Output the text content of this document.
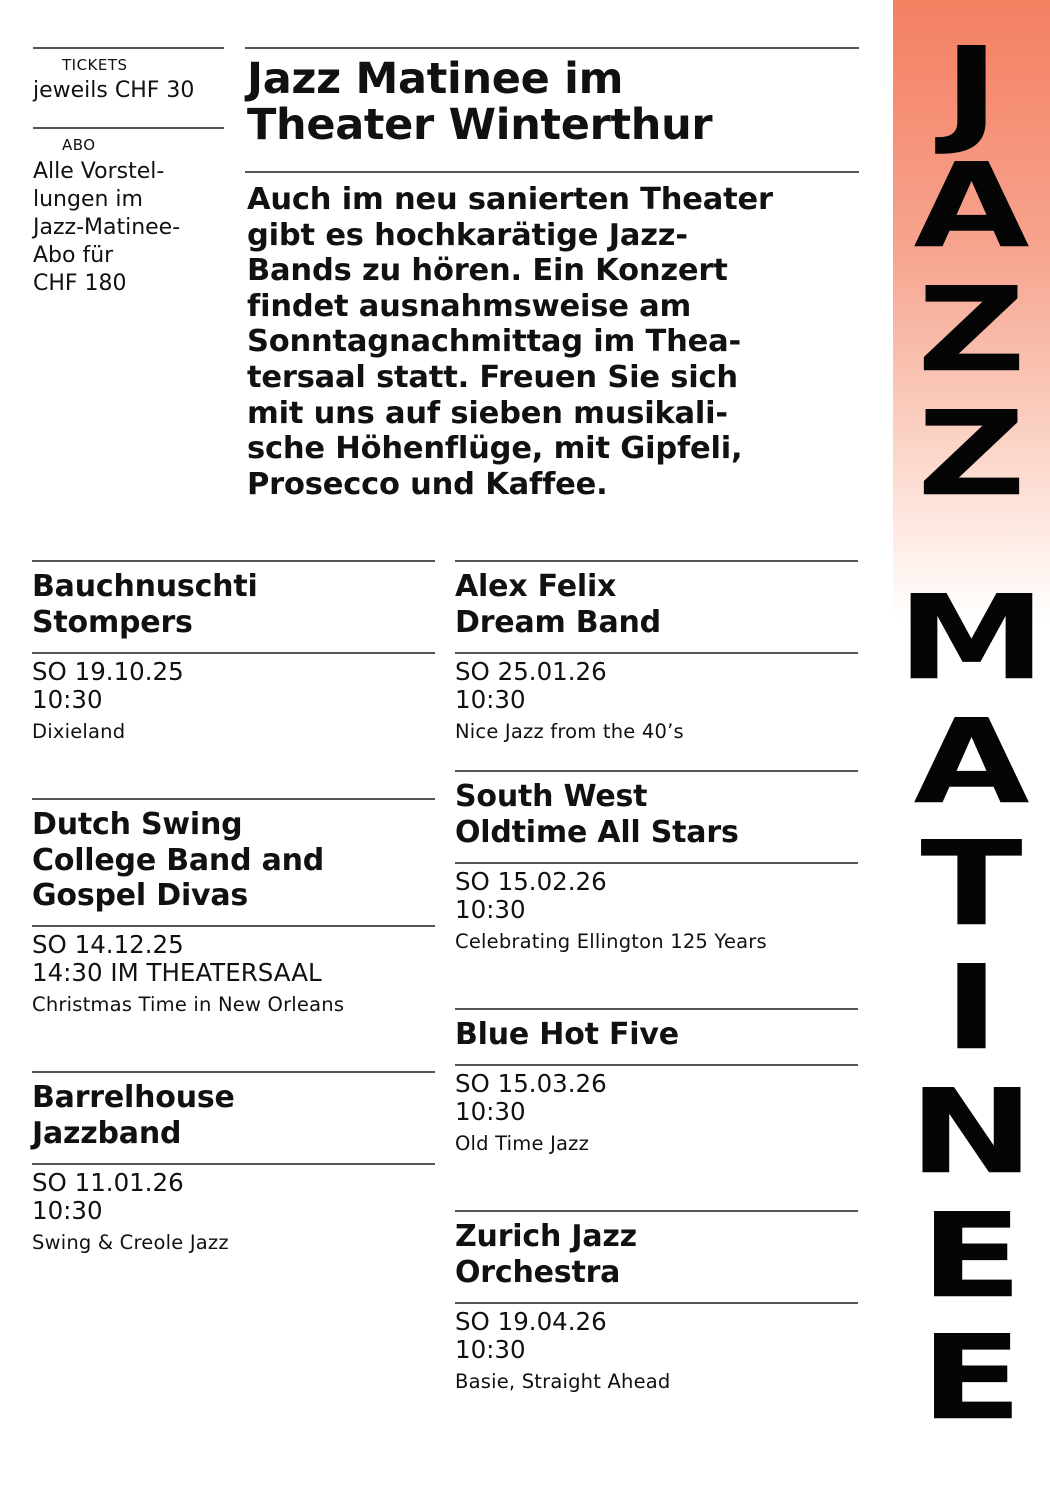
TICKETS
jeweils CHF 30
ABO
Alle Vorstel-
lungen im
Jazz-Matinee-
Abo für
CHF 180
Jazz Matinee im
Theater Winterthur
Auch im neu sanierten Theater
gibt es hochkarätige Jazz-
Bands zu hören. Ein Konzert
findet ausnahmsweise am
Sonntagnachmittag im Thea-
tersaal statt. Freuen Sie sich
mit uns auf sieben musikali-
sche Höhenflüge, mit Gipfeli,
Prosecco und Kaffee.
Bauchnuschti
Stompers
SO 19.10.25
10:30
Dixieland
Dutch Swing
College Band and
Gospel Divas
SO 14.12.25
14:30 IM THEATERSAAL
Christmas Time in New Orleans
Barrelhouse
Jazzband
SO 11.01.26
10:30
Swing & Creole Jazz
Alex Felix
Dream Band
SO 25.01.26
10:30
Nice Jazz from the 40’s
South West
Oldtime All Stars
SO 15.02.26
10:30
Celebrating Ellington 125 Years
Blue Hot Five
SO 15.03.26
10:30
Old Time Jazz
Zurich Jazz
Orchestra
SO 19.04.26
10:30
Basie, Straight Ahead
J
A
Z
Z
M
A
T
I
N
E
E
